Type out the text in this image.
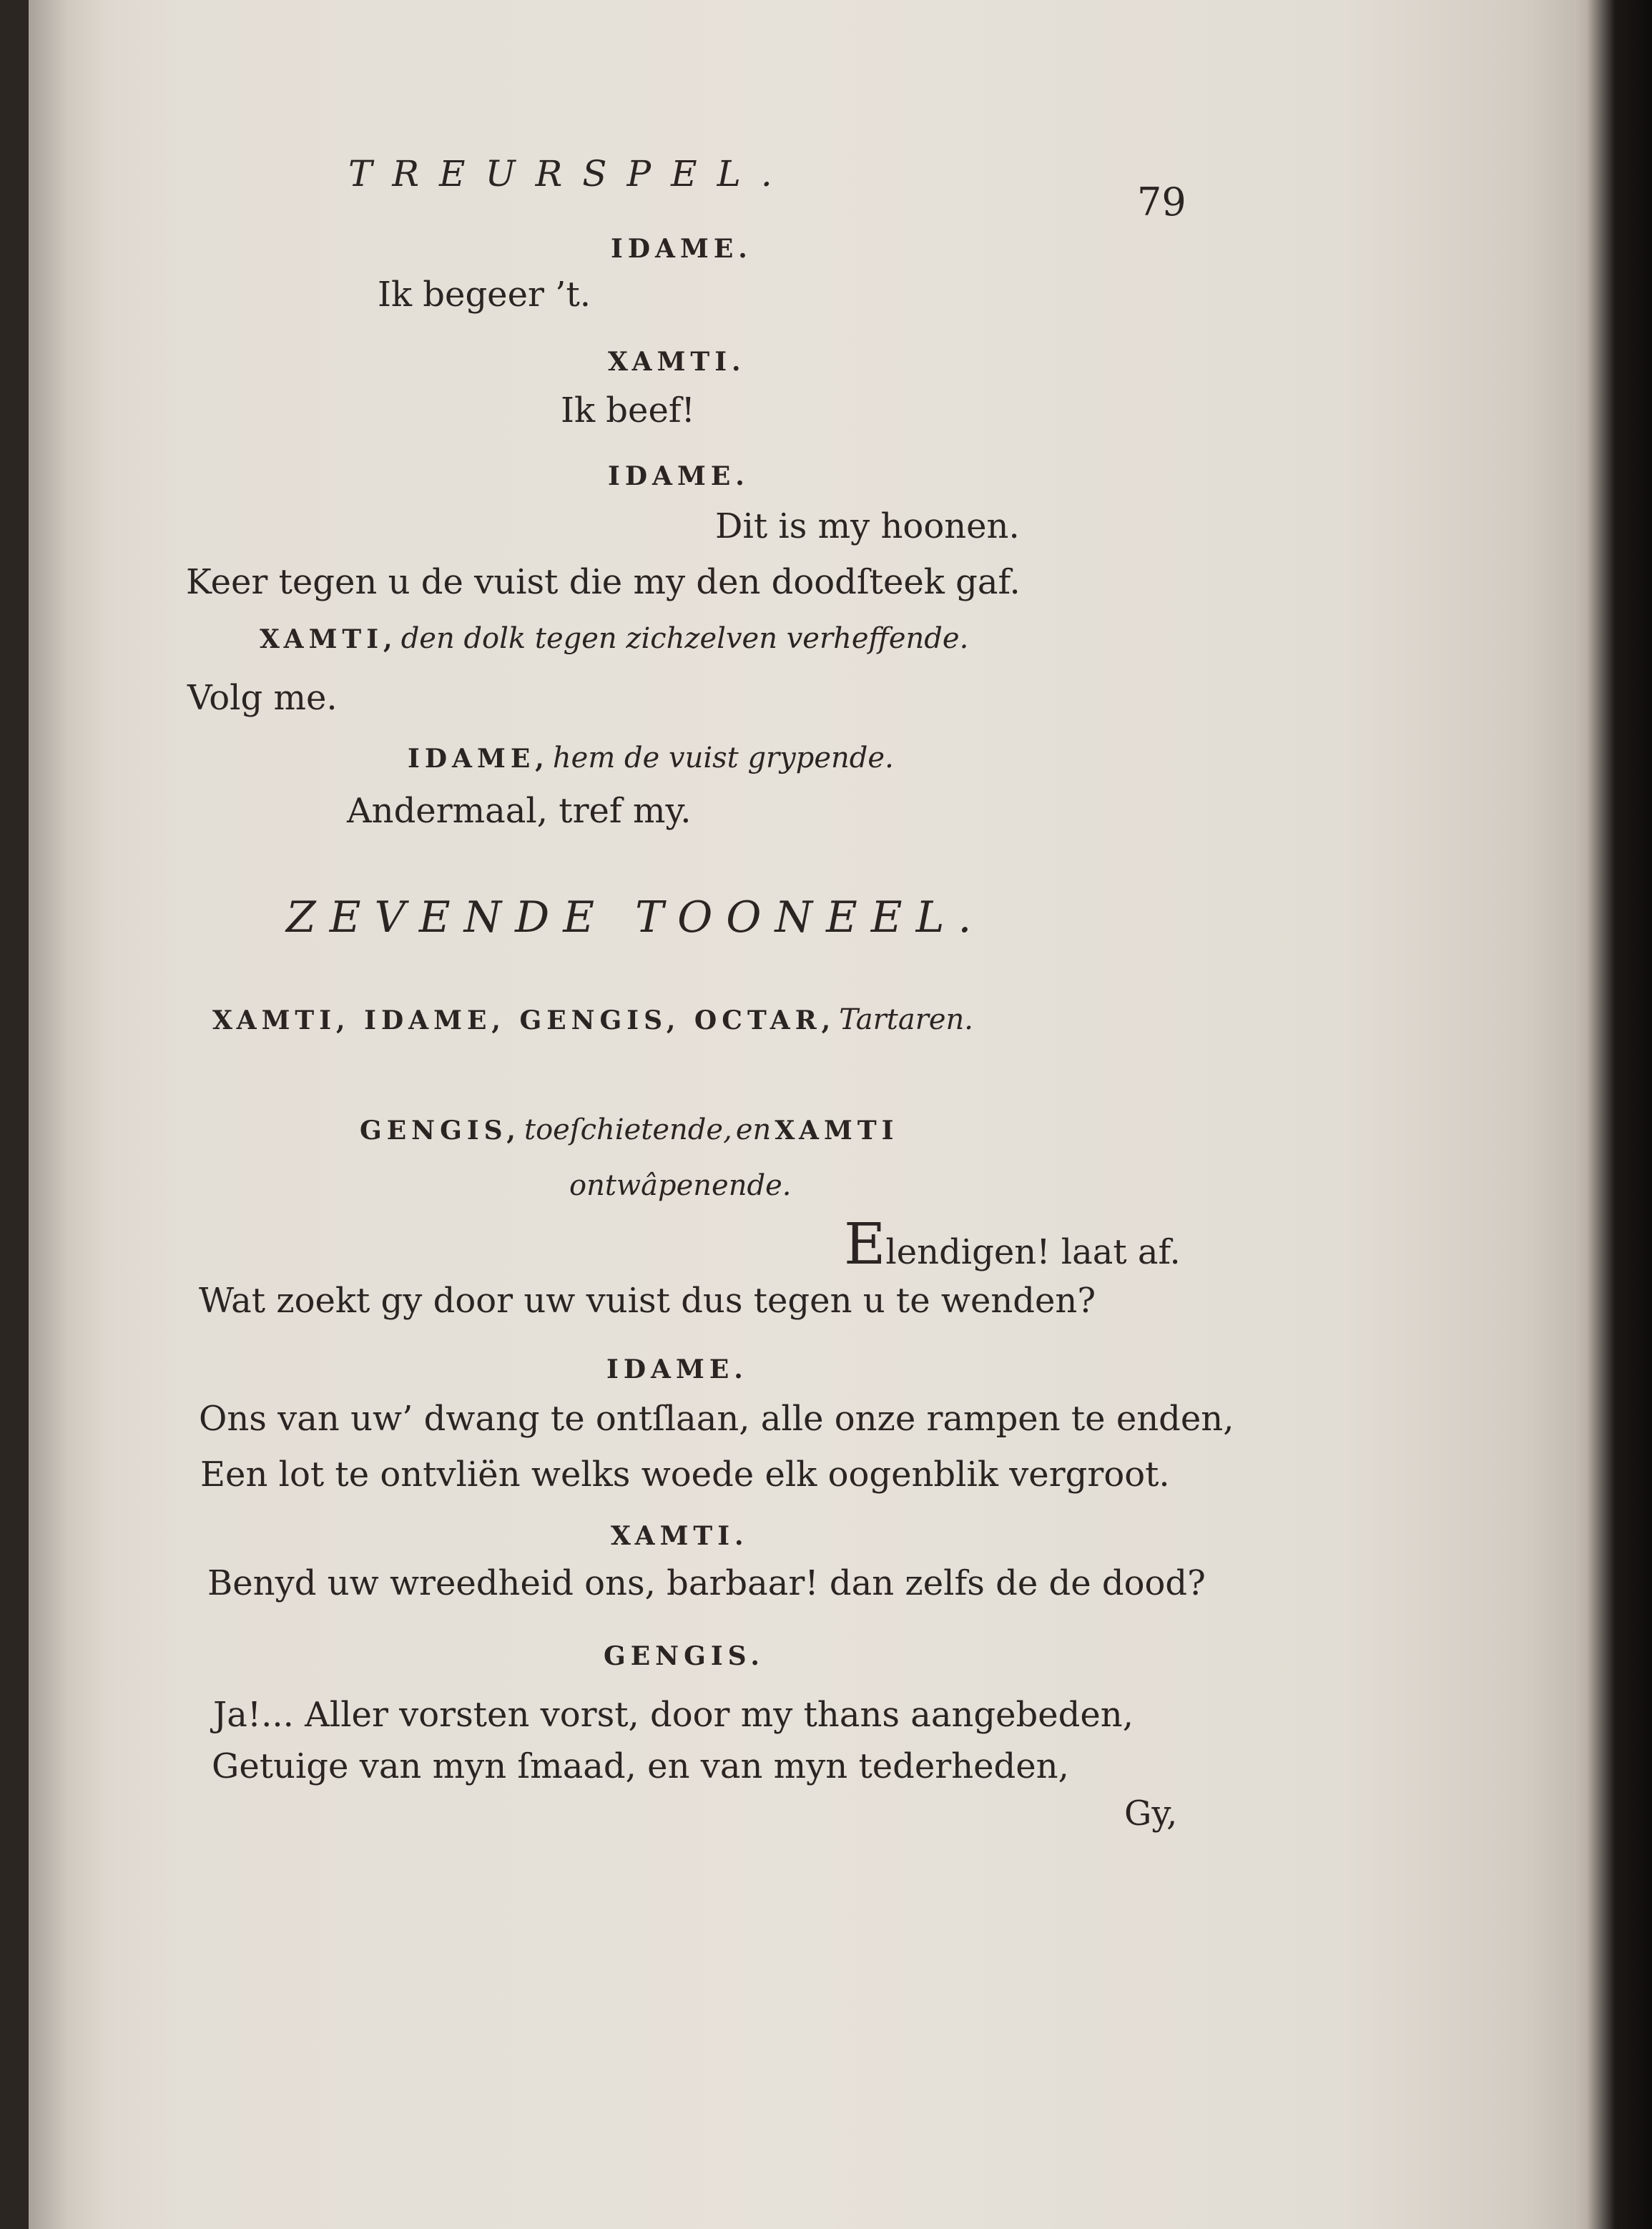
TREURSPEL.
79
IDAME.
Ik begeer ’t.
XAMTI.
Ik beef!
IDAME.
Dit is my hoonen.
Keer tegen u de vuist die my den doodſteek gaf.
XAMTI, den dolk tegen zichzelven verheffende.
Volg me.
IDAME, hem de vuist grypende.
Andermaal, tref my.
ZEVENDE TOONEEL.
XAMTI, IDAME, GENGIS, OCTAR, Tartaren.
GENGIS, toeſchietende, en XAMTI
ontwâpenende.
Elendigen! laat af.
Wat zoekt gy door uw vuist dus tegen u te wenden?
IDAME.
Ons van uw’ dwang te ontſlaan, alle onze rampen te enden,
Een lot te ontvliën welks woede elk oogenblik vergroot.
XAMTI.
Benyd uw wreedheid ons, barbaar! dan zelfs de de dood?
GENGIS.
Ja!... Aller vorsten vorst, door my thans aangebeden,
Getuige van myn ſmaad, en van myn tederheden,
Gy,
